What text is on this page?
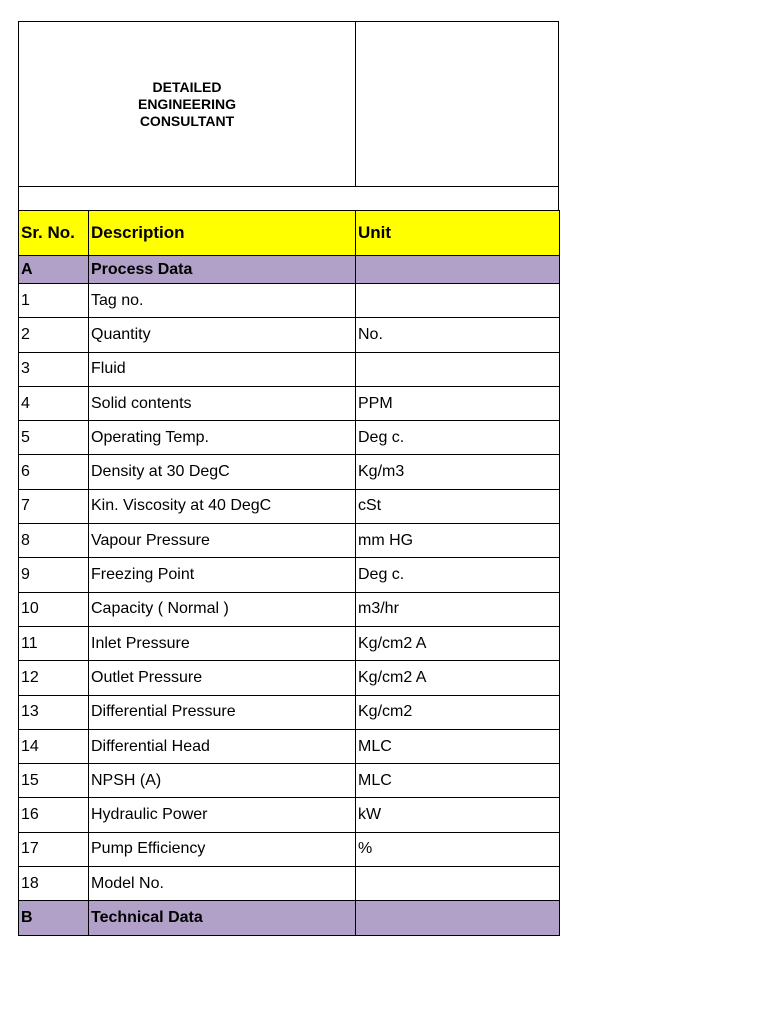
DETAILED
ENGINEERING
CONSULTANT
Sr. No.	Description	Unit
A	Process Data	
1	Tag no.	
2	Quantity	No.
3	Fluid	
4	Solid contents	PPM
5	Operating Temp.	Deg c.
6	Density at 30 DegC	Kg/m3
7	Kin. Viscosity at 40 DegC	cSt
8	Vapour Pressure	mm HG
9	Freezing Point	Deg c.
10	Capacity ( Normal )	m3/hr
11	Inlet Pressure	Kg/cm2 A
12	Outlet Pressure	Kg/cm2 A
13	Differential Pressure	Kg/cm2
14	Differential Head	MLC
15	NPSH (A)	MLC
16	Hydraulic Power	kW
17	Pump Efficiency	%
18	Model No.	
B	Technical Data	
